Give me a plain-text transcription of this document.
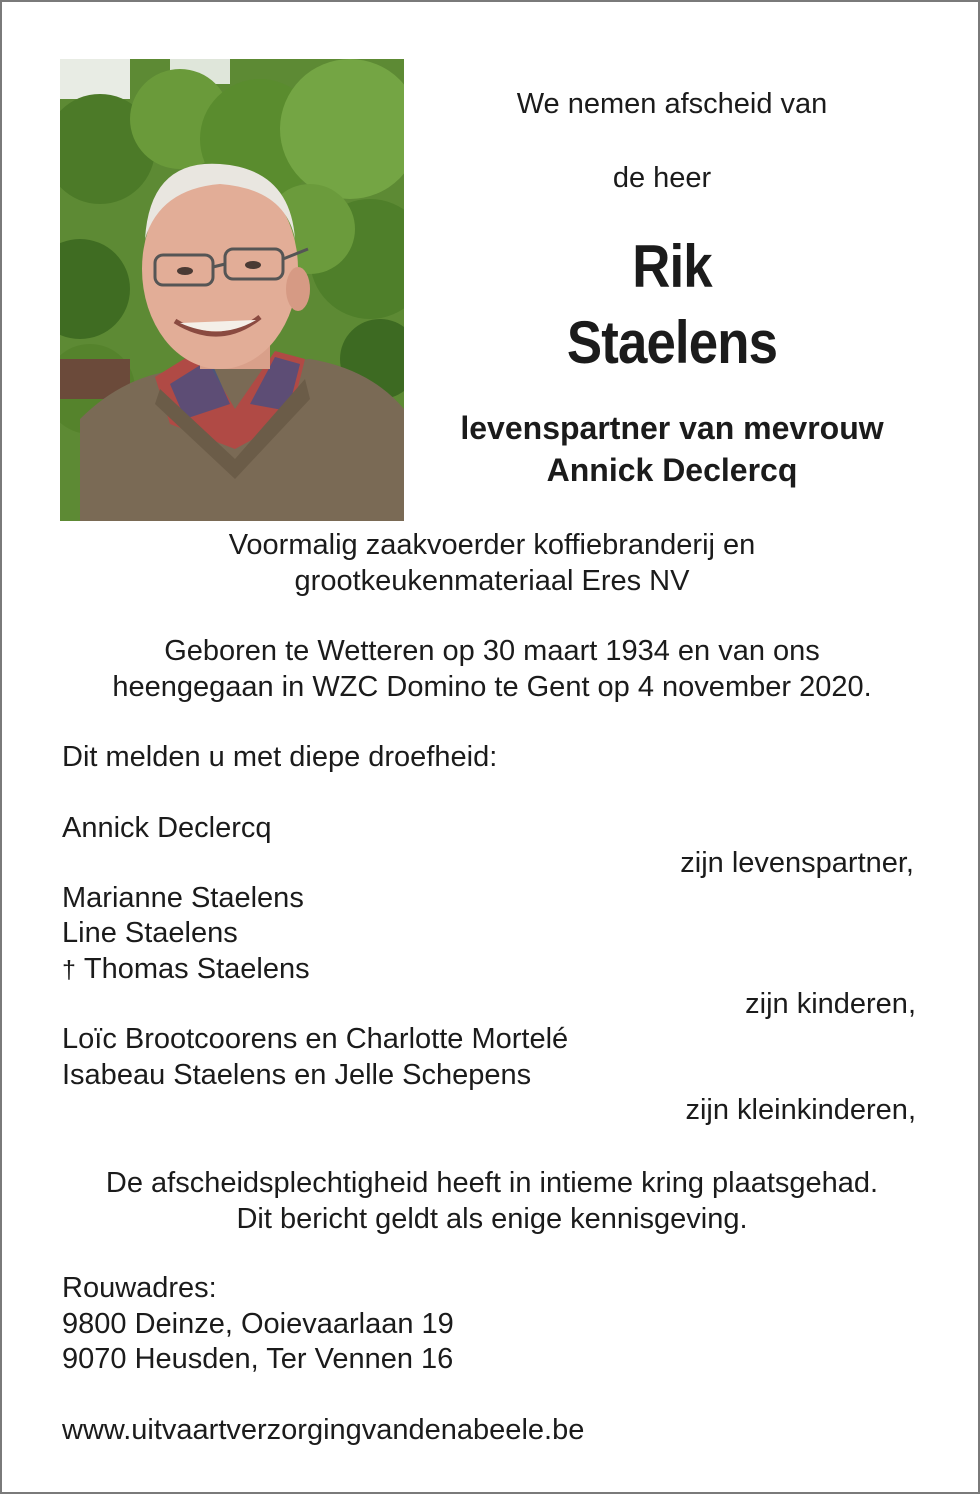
We nemen afscheid van
de heer
Rik
Staelens
levenspartner van mevrouw
Annick Declercq
Voormalig zaakvoerder koffiebranderij en
grootkeukenmateriaal Eres NV
Geboren te Wetteren op 30 maart 1934 en van ons
heengegaan in WZC Domino te Gent op 4 november 2020.
Dit melden u met diepe droefheid:
Annick Declercq
zijn levenspartner,
Marianne Staelens
Line Staelens
† Thomas Staelens
zijn kinderen,
Loïc Brootcoorens en Charlotte Mortelé
Isabeau Staelens en Jelle Schepens
zijn kleinkinderen,
De afscheidsplechtigheid heeft in intieme kring plaatsgehad.
Dit bericht geldt als enige kennisgeving.
Rouwadres:
9800 Deinze, Ooievaarlaan 19
9070 Heusden, Ter Vennen 16
www.uitvaartverzorgingvandenabeele.be
